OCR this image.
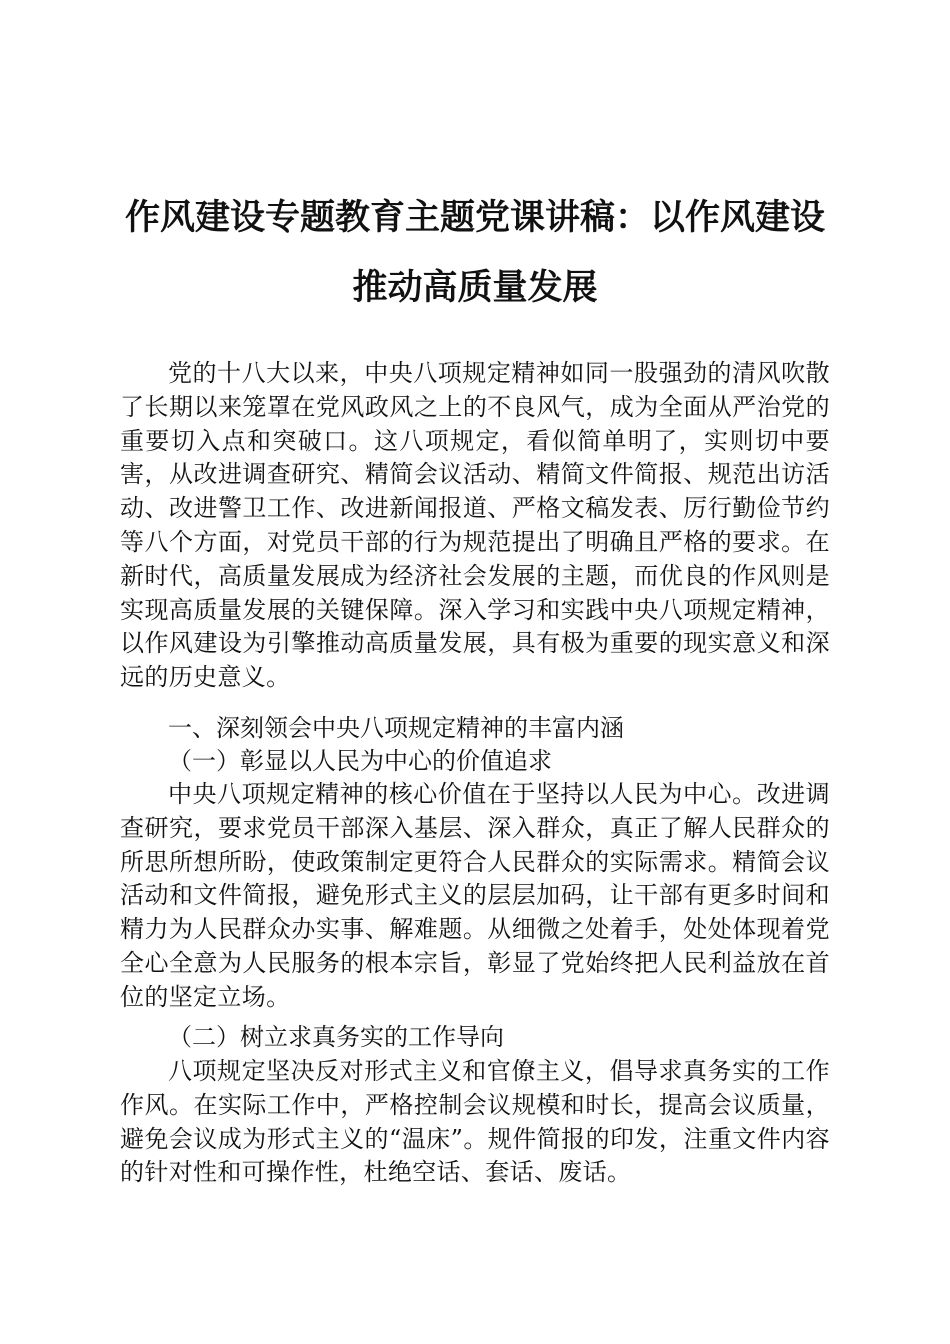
作风建设专题教育主题党课讲稿：以作风建设
推动高质量发展

党的十八大以来，中央八项规定精神如同一股强劲的清风吹散了长期以来笼罩在党风政风之上的不良风气，成为全面从严治党的重要切入点和突破口。这八项规定，看似简单明了，实则切中要害，从改进调查研究、精简会议活动、精简文件简报、规范出访活动、改进警卫工作、改进新闻报道、严格文稿发表、厉行勤俭节约等八个方面，对党员干部的行为规范提出了明确且严格的要求。在新时代，高质量发展成为经济社会发展的主题，而优良的作风则是实现高质量发展的关键保障。深入学习和实践中央八项规定精神，以作风建设为引擎推动高质量发展，具有极为重要的现实意义和深远的历史意义。

一、深刻领会中央八项规定精神的丰富内涵
（一）彰显以人民为中心的价值追求

中央八项规定精神的核心价值在于坚持以人民为中心。改进调查研究，要求党员干部深入基层、深入群众，真正了解人民群众的所思所想所盼，使政策制定更符合人民群众的实际需求。精简会议活动和文件简报，避免形式主义的层层加码，让干部有更多时间和精力为人民群众办实事、解难题。从细微之处着手，处处体现着党全心全意为人民服务的根本宗旨，彰显了党始终把人民利益放在首位的坚定立场。

（二）树立求真务实的工作导向

八项规定坚决反对形式主义和官僚主义，倡导求真务实的工作作风。在实际工作中，严格控制会议规模和时长，提高会议质量，避免会议成为形式主义的“温床”。规件简报的印发，注重文件内容的针对性和可操作性，杜绝空话、套话、废话。
